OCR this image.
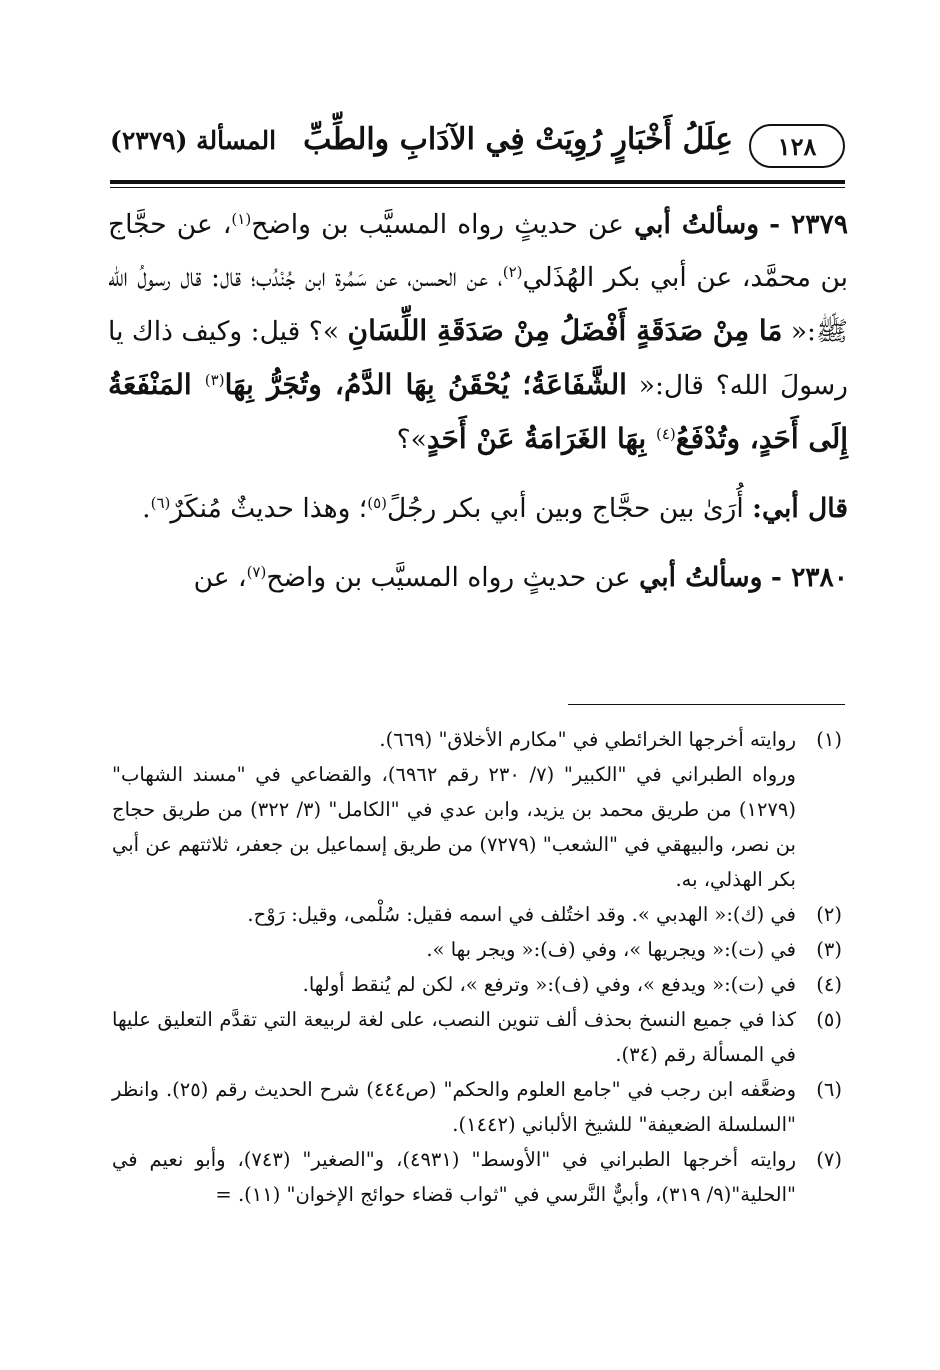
١٢٨
عِلَلُ أَخْبَارٍ رُوِيَتْ فِي الآدَابِ والطِّبِّ
المسألة (٢٣٧٩)

٢٣٧٩ - وسألتُ أبي عن حديثٍ رواه المسيَّب بن واضح$^{(١)}$، عن حجَّاج بن محمَّد، عن أبي بكر الهُذَلي$^{(٢)}$، عن الحسن، عن سَمُرة ابن جُنْدُب؛ قال: قال رسولُ الله ﷺ:« مَا مِنْ صَدَقَةٍ أَفْضَلُ مِنْ صَدَقَةِ اللِّسَانِ »؟ قيل: وكيف ذاك يا رسولَ الله؟ قال:« الشَّفَاعَةُ؛ يُحْقَنُ بِهَا الدَّمُ، وتُجَرُّ بِهَا$^{(٣)}$ المَنْفَعَةُ إِلَى أَحَدٍ، وتُدْفَعُ$^{(٤)}$ بِهَا الغَرَامَةُ عَنْ أَحَدٍ»؟

قال أبي: أُرَىٰ بين حجَّاج وبين أبي بكر رجُلً$^{(٥)}$؛ وهذا حديثٌ مُنكَرٌ$^{(٦)}$.

٢٣٨٠ - وسألتُ أبي عن حديثٍ رواه المسيَّب بن واضح$^{(٧)}$، عن

(١)
روايته أخرجها الخرائطي في "مكارم الأخلاق" (٦٦٩).
ورواه الطبراني في "الكبير" (٧/ ٢٣٠ رقم ٦٩٦٢)، والقضاعي في "مسند الشهاب" (١٢٧٩) من طريق محمد بن يزيد، وابن عدي في "الكامل" (٣/ ٣٢٢) من طريق حجاج بن نصر، والبيهقي في "الشعب" (٧٢٧٩) من طريق إسماعيل بن جعفر، ثلاثتهم عن أبي بكر الهذلي، به.
(٢)
في (ك):« الهدبي ». وقد اختُلف في اسمه فقيل: سُلْمى، وقيل: رَوْح.
(٣)
في (ت):« ويجريها »، وفي (ف):« ويجر بها ».
(٤)
في (ت):« ويدفع »، وفي (ف):« وترفع »، لكن لم يُنقط أولها.
(٥)
كذا في جميع النسخ بحذف ألف تنوين النصب، على لغة لربيعة التي تقدَّم التعليق عليها في المسألة رقم (٣٤).
(٦)
وضعَّفه ابن رجب في "جامع العلوم والحكم" (ص٤٤٤) شرح الحديث رقم (٢٥). وانظر "السلسلة الضعيفة" للشيخ الألباني (١٤٤٢).
(٧)
روايته أخرجها الطبراني في "الأوسط" (٤٩٣١)، و"الصغير" (٧٤٣)، وأبو نعيم في "الحلية"(٩/ ٣١٩)، وأبيٌّ النَّرسي في "ثواب قضاء حوائج الإخوان" (١١). =
